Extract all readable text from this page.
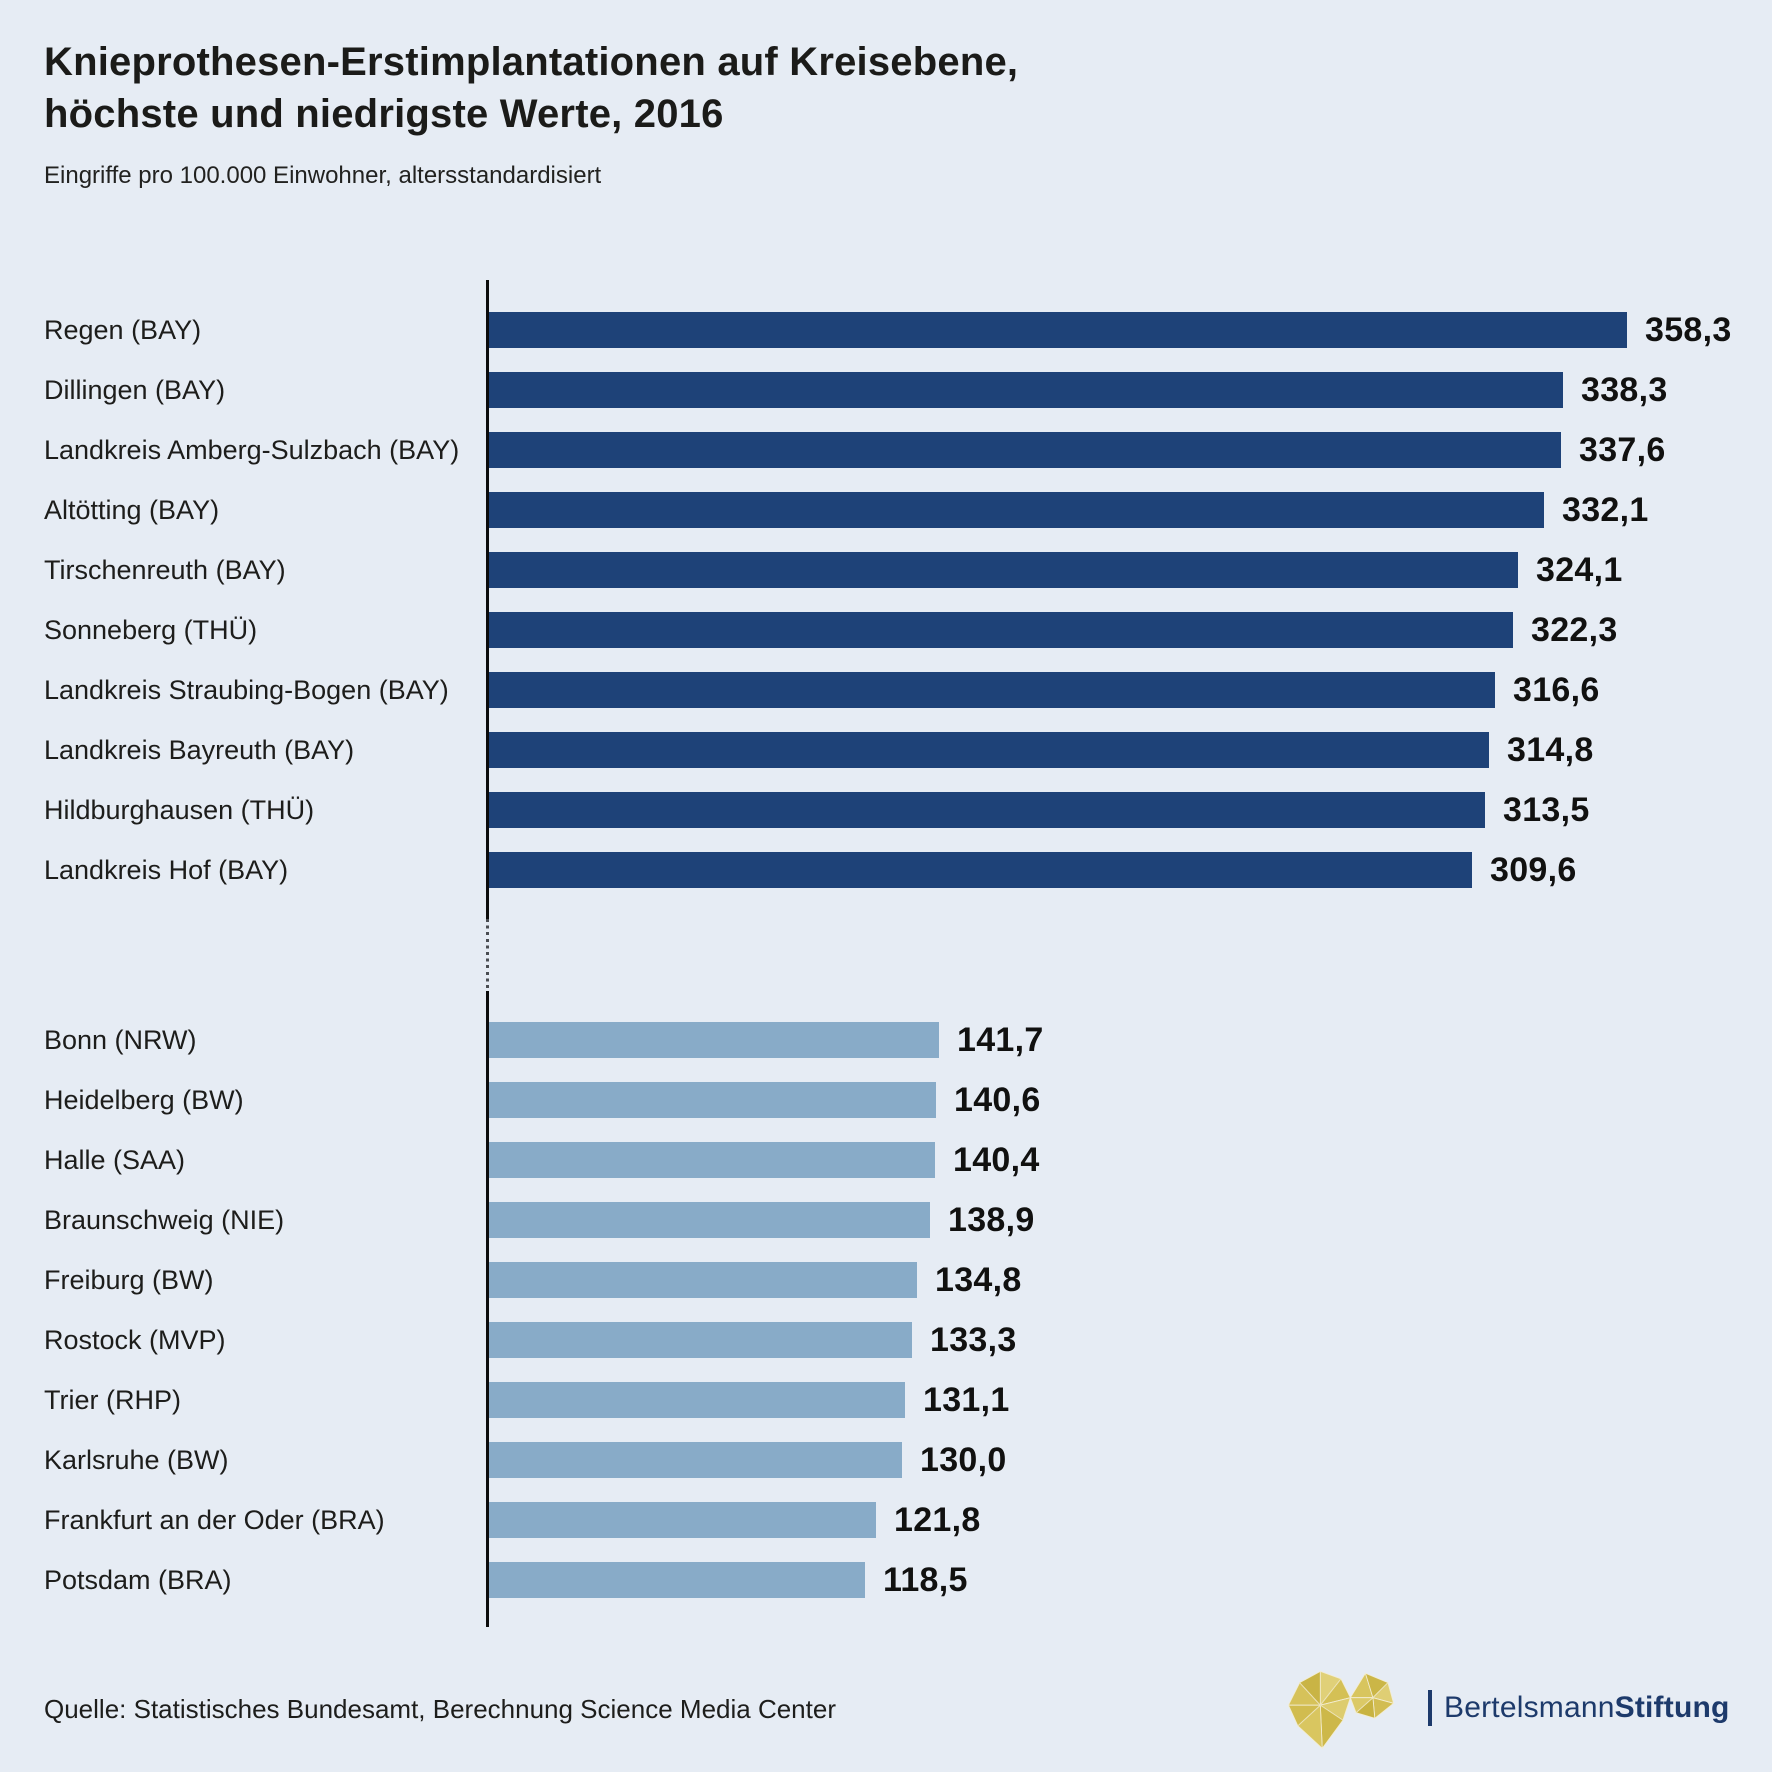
Knieprothesen-Erstimplantationen auf Kreisebene,
höchste und niedrigste Werte, 2016
Eingriffe pro 100.000 Einwohner, altersstandardisiert
Regen (BAY)	358,3
Dillingen (BAY)	338,3
Landkreis Amberg-Sulzbach (BAY)	337,6
Altötting (BAY)	332,1
Tirschenreuth (BAY)	324,1
Sonneberg (THÜ)	322,3
Landkreis Straubing-Bogen (BAY)	316,6
Landkreis Bayreuth (BAY)	314,8
Hildburghausen (THÜ)	313,5
Landkreis Hof (BAY)	309,6
Bonn (NRW)	141,7
Heidelberg (BW)	140,6
Halle (SAA)	140,4
Braunschweig (NIE)	138,9
Freiburg (BW)	134,8
Rostock (MVP)	133,3
Trier (RHP)	131,1
Karlsruhe (BW)	130,0
Frankfurt an der Oder (BRA)	121,8
Potsdam (BRA)	118,5
Quelle: Statistisches Bundesamt, Berechnung Science Media Center	BertelsmannStiftung
